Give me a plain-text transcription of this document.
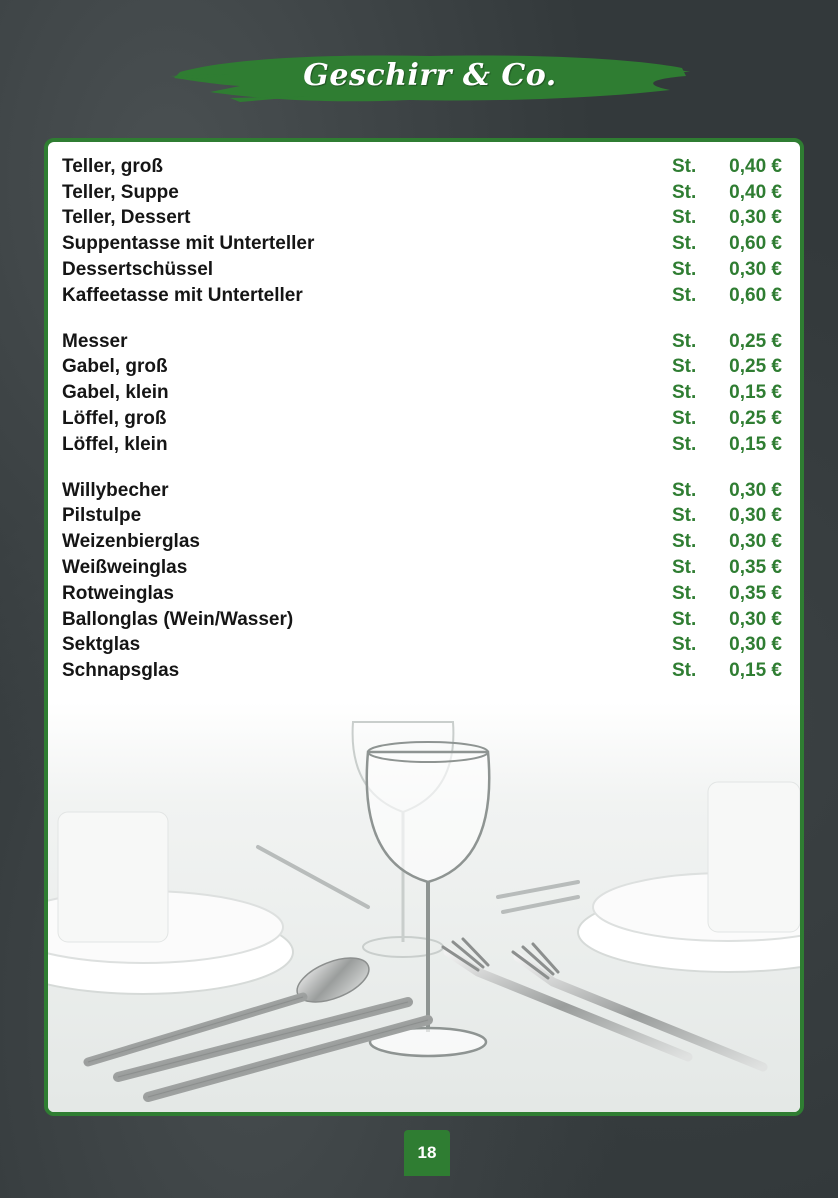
Geschirr & Co.
Teller, groß	St.	0,40 €
Teller, Suppe	St.	0,40 €
Teller, Dessert	St.	0,30 €
Suppentasse mit Unterteller	St.	0,60 €
Dessertschüssel	St.	0,30 €
Kaffeetasse mit Unterteller	St.	0,60 €
Messer	St.	0,25 €
Gabel, groß	St.	0,25 €
Gabel, klein	St.	0,15 €
Löffel, groß	St.	0,25 €
Löffel, klein	St.	0,15 €
Willybecher	St.	0,30 €
Pilstulpe	St.	0,30 €
Weizenbierglas	St.	0,30 €
Weißweinglas	St.	0,35 €
Rotweinglas	St.	0,35 €
Ballonglas (Wein/Wasser)	St.	0,30 €
Sektglas	St.	0,30 €
Schnapsglas	St.	0,15 €
18
